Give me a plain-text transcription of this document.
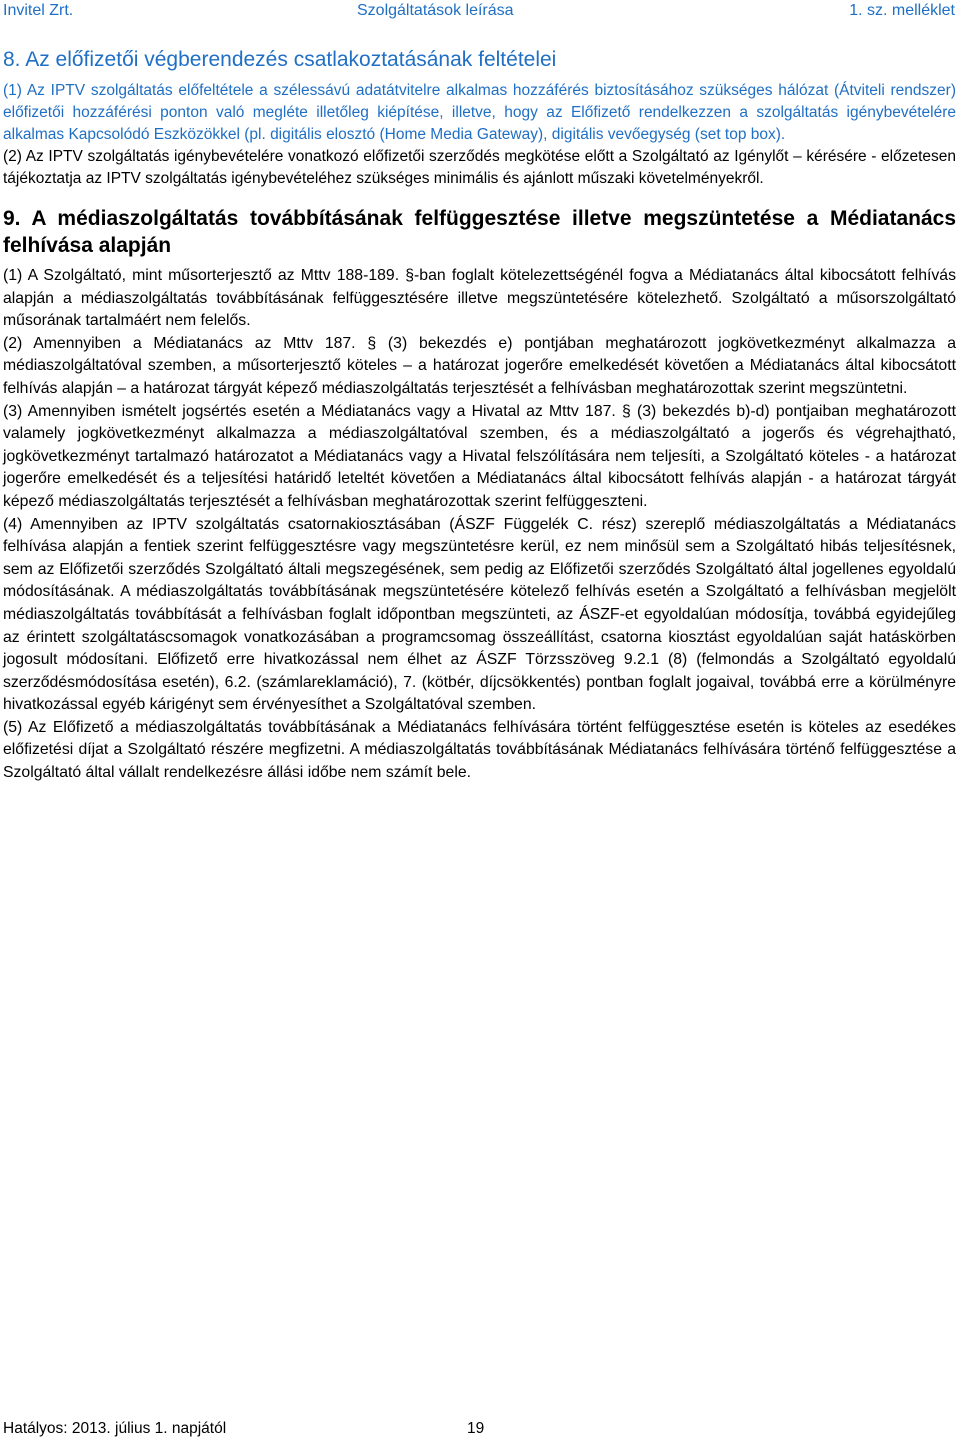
Invitel Zrt.	Szolgáltatások leírása	1. sz. melléklet
8. Az előfizetői végberendezés csatlakoztatásának feltételei

(1) Az IPTV szolgáltatás előfeltétele a szélessávú adatátvitelre alkalmas hozzáférés biztosításához szükséges hálózat (Átviteli rendszer) előfizetői hozzáférési ponton való megléte illetőleg kiépítése, illetve, hogy az Előfizető rendelkezzen a szolgáltatás igénybevételére alkalmas Kapcsolódó Eszközökkel (pl. digitális elosztó (Home Media Gateway), digitális vevőegység (set top box).

(2) Az IPTV szolgáltatás igénybevételére vonatkozó előfizetői szerződés megkötése előtt a Szolgáltató az Igénylőt – kérésére - előzetesen tájékoztatja az IPTV szolgáltatás igénybevételéhez szükséges minimális és ajánlott műszaki követelményekről.

9. A médiaszolgáltatás továbbításának felfüggesztése illetve megszüntetése a Médiatanács felhívása alapján

(1) A Szolgáltató, mint műsorterjesztő az Mttv 188-189. §-ban foglalt kötelezettségénél fogva a Médiatanács által kibocsátott felhívás alapján a médiaszolgáltatás továbbításának felfüggesztésére illetve megszüntetésére kötelezhető. Szolgáltató a műsorszolgáltató műsorának tartalmáért nem felelős.

(2) Amennyiben a Médiatanács az Mttv 187. § (3) bekezdés e) pontjában meghatározott jogkövetkezményt alkalmazza a médiaszolgáltatóval szemben, a műsorterjesztő köteles – a határozat jogerőre emelkedését követően a Médiatanács által kibocsátott felhívás alapján – a határozat tárgyát képező médiaszolgáltatás terjesztését a felhívásban meghatározottak szerint megszüntetni.

(3) Amennyiben ismételt jogsértés esetén a Médiatanács vagy a Hivatal az Mttv 187. § (3) bekezdés b)-d) pontjaiban meghatározott valamely jogkövetkezményt alkalmazza a médiaszolgáltatóval szemben, és a médiaszolgáltató a jogerős és végrehajtható, jogkövetkezményt tartalmazó határozatot a Médiatanács vagy a Hivatal felszólítására nem teljesíti, a Szolgáltató köteles - a határozat jogerőre emelkedését és a teljesítési határidő leteltét követően a Médiatanács által kibocsátott felhívás alapján - a határozat tárgyát képező médiaszolgáltatás terjesztését a felhívásban meghatározottak szerint felfüggeszteni.

(4) Amennyiben az IPTV szolgáltatás csatornakiosztásában (ÁSZF Függelék C. rész) szereplő médiaszolgáltatás a Médiatanács felhívása alapján a fentiek szerint felfüggesztésre vagy megszüntetésre kerül, ez nem minősül sem a Szolgáltató hibás teljesítésnek, sem az Előfizetői szerződés Szolgáltató általi megszegésének, sem pedig az Előfizetői szerződés Szolgáltató által jogellenes egyoldalú módosításának. A médiaszolgáltatás továbbításának megszüntetésére kötelező felhívás esetén a Szolgáltató a felhívásban megjelölt médiaszolgáltatás továbbítását a felhívásban foglalt időpontban megszünteti, az ÁSZF-et egyoldalúan módosítja, továbbá egyidejűleg az érintett szolgáltatáscsomagok vonatkozásában a programcsomag összeállítást, csatorna kiosztást egyoldalúan saját hatáskörben jogosult módosítani. Előfizető erre hivatkozással nem élhet az ÁSZF Törzsszöveg 9.2.1 (8) (felmondás a Szolgáltató egyoldalú szerződésmódosítása esetén), 6.2. (számlareklamáció), 7. (kötbér, díjcsökkentés) pontban foglalt jogaival, továbbá erre a körülményre hivatkozással egyéb kárigényt sem érvényesíthet a Szolgáltatóval szemben.

(5) Az Előfizető a médiaszolgáltatás továbbításának a Médiatanács felhívására történt felfüggesztése esetén is köteles az esedékes előfizetési díjat a Szolgáltató részére megfizetni. A médiaszolgáltatás továbbításának Médiatanács felhívására történő felfüggesztése a Szolgáltató által vállalt rendelkezésre állási időbe nem számít bele.

Hatályos: 2013. július 1. napjától	19
